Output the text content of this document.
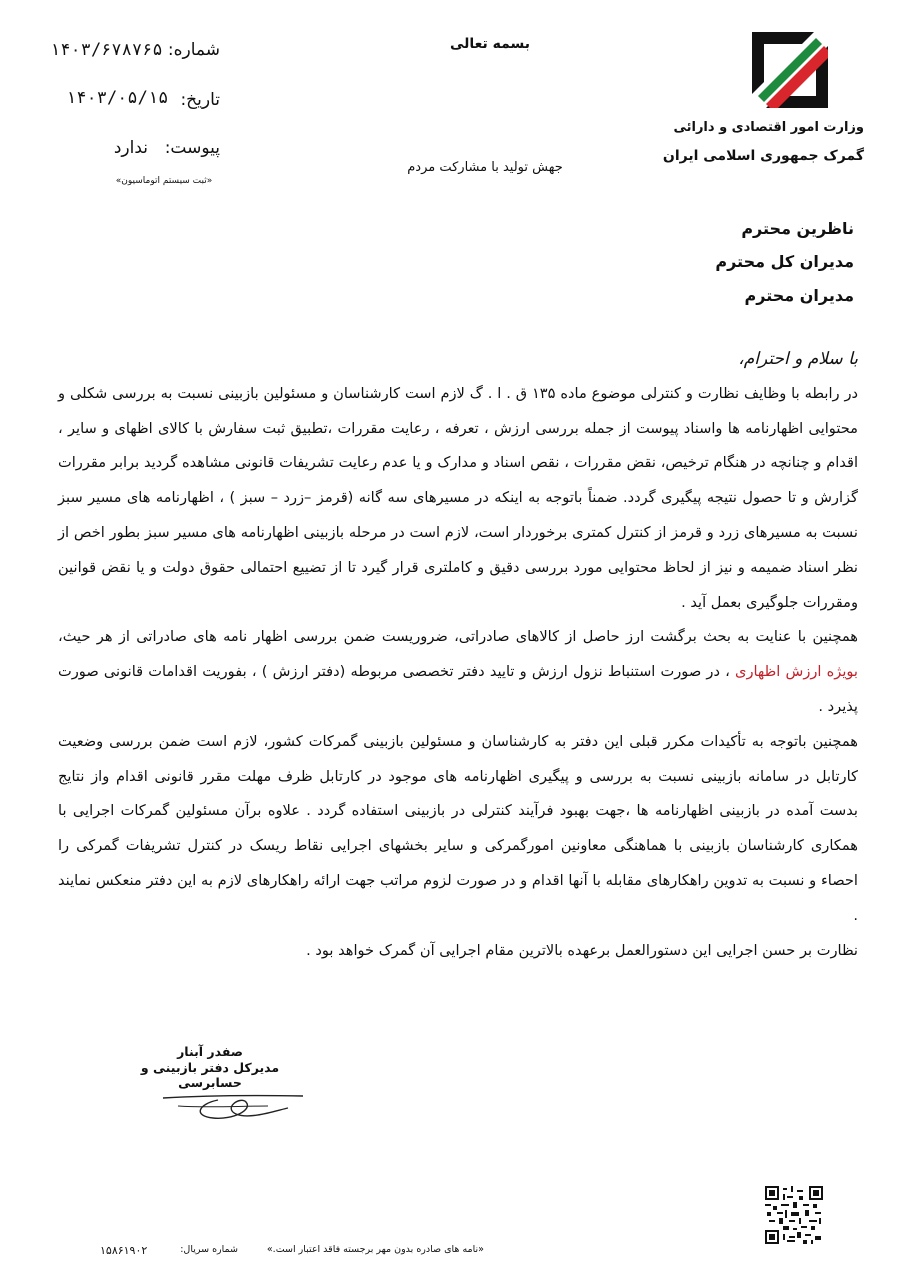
وزارت امور اقتصادی و دارائی
گمرک جمهوری اسلامی ایران
بسمه تعالی
جهش تولید با مشارکت مردم
شماره:
۱۴۰۳/۶۷۸۷۶۵
تاریخ:
۱۴۰۳/۰۵/۱۵
پیوست:
ندارد
«ثبت سیستم اتوماسیون»
ناظرین محترم
مدیران کل محترم
مدیران محترم

با سلام و احترام،

در رابطه با وظایف نظارت و کنترلی موضوع ماده ۱۳۵ ق . ا . گ لازم است کارشناسان و مسئولین بازبینی نسبت به بررسی شکلی و محتوایی اظهارنامه ها واسناد پیوست از جمله بررسی ارزش ، تعرفه ، رعایت مقررات ،تطبیق ثبت سفارش با کالای اظهای و سایر ، اقدام و چنانچه در هنگام ترخیص، نقض مقررات ، نقص اسناد و مدارک و یا عدم رعایت تشریفات قانونی مشاهده گردید برابر مقررات گزارش و تا حصول نتیجه پیگیری گردد. ضمناً باتوجه به اینکه در مسیرهای سه گانه (قرمز –زرد – سبز ) ، اظهارنامه های مسیر سبز نسبت به مسیرهای زرد و قرمز از کنترل کمتری برخوردار است، لازم است در مرحله بازبینی اظهارنامه های مسیر سبز بطور اخص از نظر اسناد ضمیمه و نیز از لحاظ محتوایی مورد بررسی دقیق و کاملتری قرار گیرد تا از تضییع احتمالی حقوق دولت و یا نقض قوانین ومقررات جلوگیری بعمل آید .

همچنین با عنایت به بحث برگشت ارز حاصل از کالاهای صادراتی، ضروریست ضمن بررسی اظهار نامه های صادراتی از هر حیث، بویژه ارزش اظهاری ، در صورت استنباط نزول ارزش و تایید دفتر تخصصی مربوطه (دفتر ارزش ) ، بفوریت اقدامات قانونی صورت پذیرد .

همچنین باتوجه به تأکیدات مکرر قبلی این دفتر به کارشناسان و مسئولین بازبینی گمرکات کشور، لازم است ضمن بررسی وضعیت کارتابل در سامانه بازبینی نسبت به بررسی و پیگیری اظهارنامه های موجود در کارتابل ظرف مهلت مقرر قانونی اقدام واز نتایج بدست آمده در بازبینی اظهارنامه ها ،جهت بهبود فرآیند کنترلی در بازبینی استفاده گردد . علاوه برآن مسئولین گمرکات اجرایی با همکاری کارشناسان بازبینی با هماهنگی معاونین امورگمرکی و سایر بخشهای اجرایی نقاط ریسک در کنترل تشریفات گمرکی را احصاء و نسبت به تدوین راهکارهای مقابله با آنها اقدام و در صورت لزوم مراتب جهت ارائه راهکارهای لازم به این دفتر منعکس نمایند .

نظارت بر حسن اجرایی این دستورالعمل برعهده بالاترین مقام اجرایی آن گمرک خواهد بود .

صفدر آبنار
مدیرکل دفتر بازبینی و حسابرسی
«نامه های صادره بدون مهر برجسته فاقد اعتبار است.»
شماره سریال:
۱۵۸۶۱۹۰۲
